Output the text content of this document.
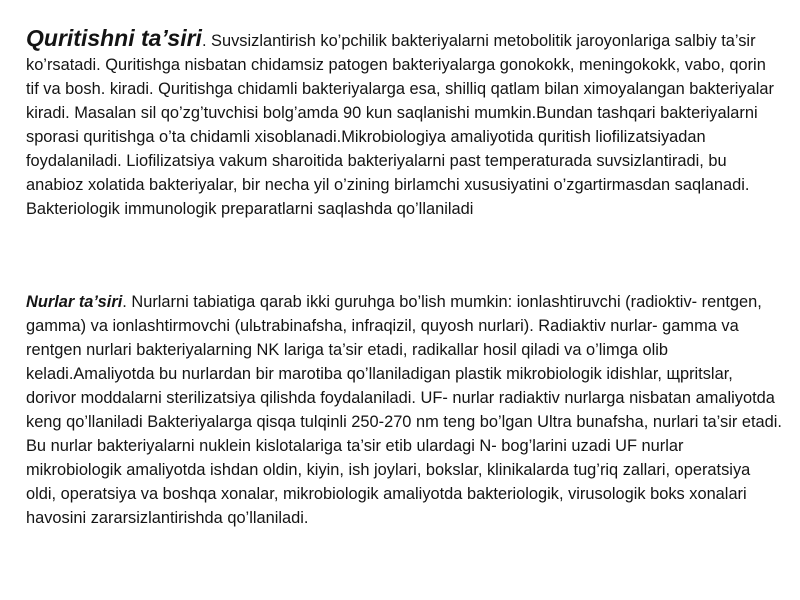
Quritishni ta’siri. Suvsizlantirish ko’pchilik bakteriyalarni metobolitik jaroyonlariga salbiy ta’sir ko’rsatadi. Quritishga nisbatan chidamsiz patogen bakteriyalarga gonokokk, meningokokk, vabo, qorin tif va bosh. kiradi. Quritishga chidamli bakteriyalarga esa, shilliq qatlam bilan ximoyalangan bakteriyalar kiradi. Masalan sil qo’zg’tuvchisi bolg’amda 90 kun saqlanishi mumkin.Bundan tashqari bakteriyalarni sporasi quritishga o’ta chidamli xisoblanadi.Mikrobiologiya amaliyotida quritish liofilizatsiyadan foydalaniladi. Liofilizatsiya vakum sharoitida bakteriyalarni past temperaturada suvsizlantiradi, bu anabioz xolatida bakteriyalar, bir necha yil o’zining birlamchi xususiyatini o’zgartirmasdan saqlanadi. Bakteriologik immunologik preparatlarni saqlashda qo’llaniladi

Nurlar ta’siri. Nurlarni tabiatiga qarab ikki guruhga bo’lish mumkin: ionlashtiruvchi (radioktiv- rentgen, gamma) va ionlashtirmovchi (ulьtrabinafsha, infraqizil, quyosh nurlari). Radiaktiv nurlar- gamma va rentgen nurlari bakteriyalarning NK lariga ta’sir etadi, radikallar hosil qiladi va o’limga olib keladi.Amaliyotda bu nurlardan bir marotiba qo’llaniladigan plastik mikrobiologik idishlar, щpritslar, dorivor moddalarni sterilizatsiya qilishda foydalaniladi. UF- nurlar radiaktiv nurlarga nisbatan amaliyotda keng qo’llaniladi Bakteriyalarga qisqa tulqinli 250-270 nm teng bo’lgan Ultra bunafsha, nurlari ta’sir etadi. Bu nurlar bakteriyalarni nuklein kislotalariga ta’sir etib ulardagi N- bog’larini uzadi UF nurlar mikrobiologik amaliyotda ishdan oldin, kiyin, ish joylari, bokslar, klinikalarda tug’riq zallari, operatsiya oldi, operatsiya va boshqa xonalar, mikrobiologik amaliyotda bakteriologik, virusologik boks xonalari havosini zararsizlantirishda qo’llaniladi.
